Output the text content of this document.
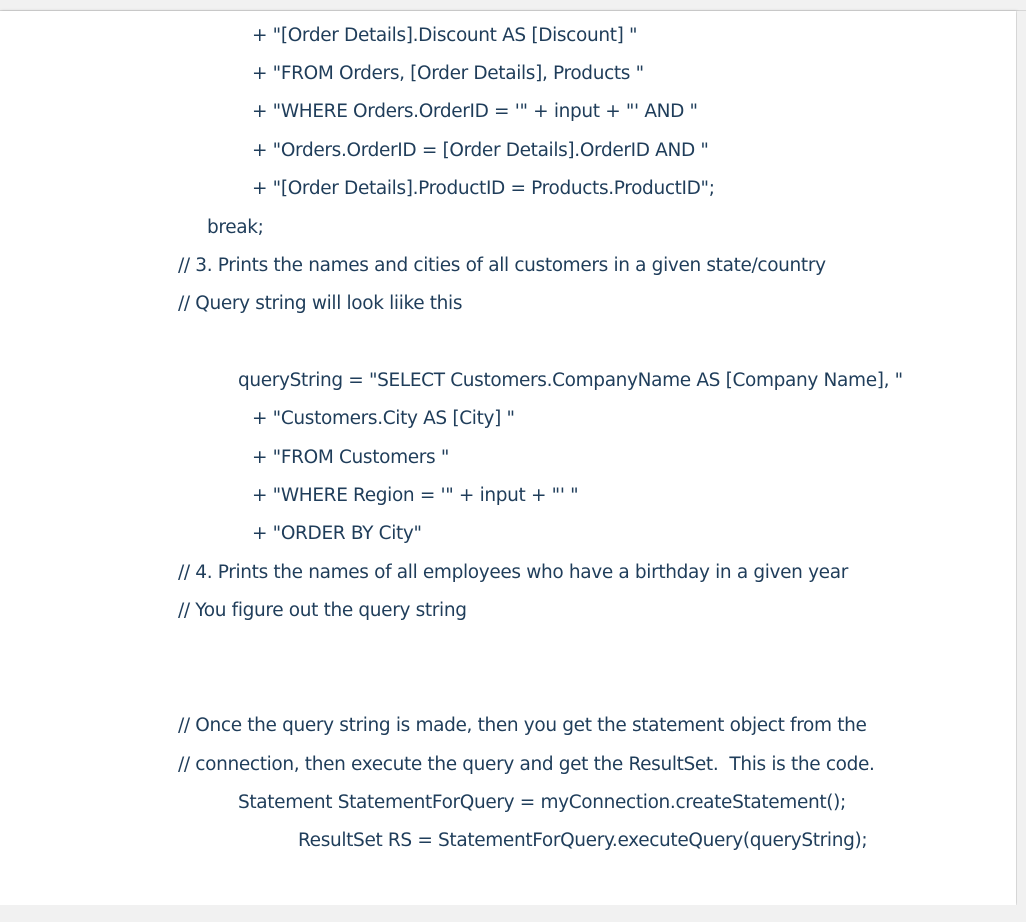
+ "[Order Details].Discount AS [Discount] "
+ "FROM Orders, [Order Details], Products "
+ "WHERE Orders.OrderID = '" + input + "' AND "
+ "Orders.OrderID = [Order Details].OrderID AND "
+ "[Order Details].ProductID = Products.ProductID";
break;
// 3. Prints the names and cities of all customers in a given state/country
// Query string will look liike this
queryString = "SELECT Customers.CompanyName AS [Company Name], "
+ "Customers.City AS [City] "
+ "FROM Customers "
+ "WHERE Region = '" + input + "' "
+ "ORDER BY City"
// 4. Prints the names of all employees who have a birthday in a given year
// You figure out the query string
// Once the query string is made, then you get the statement object from the
// connection, then execute the query and get the ResultSet.  This is the code.
Statement StatementForQuery = myConnection.createStatement();
ResultSet RS = StatementForQuery.executeQuery(queryString);
